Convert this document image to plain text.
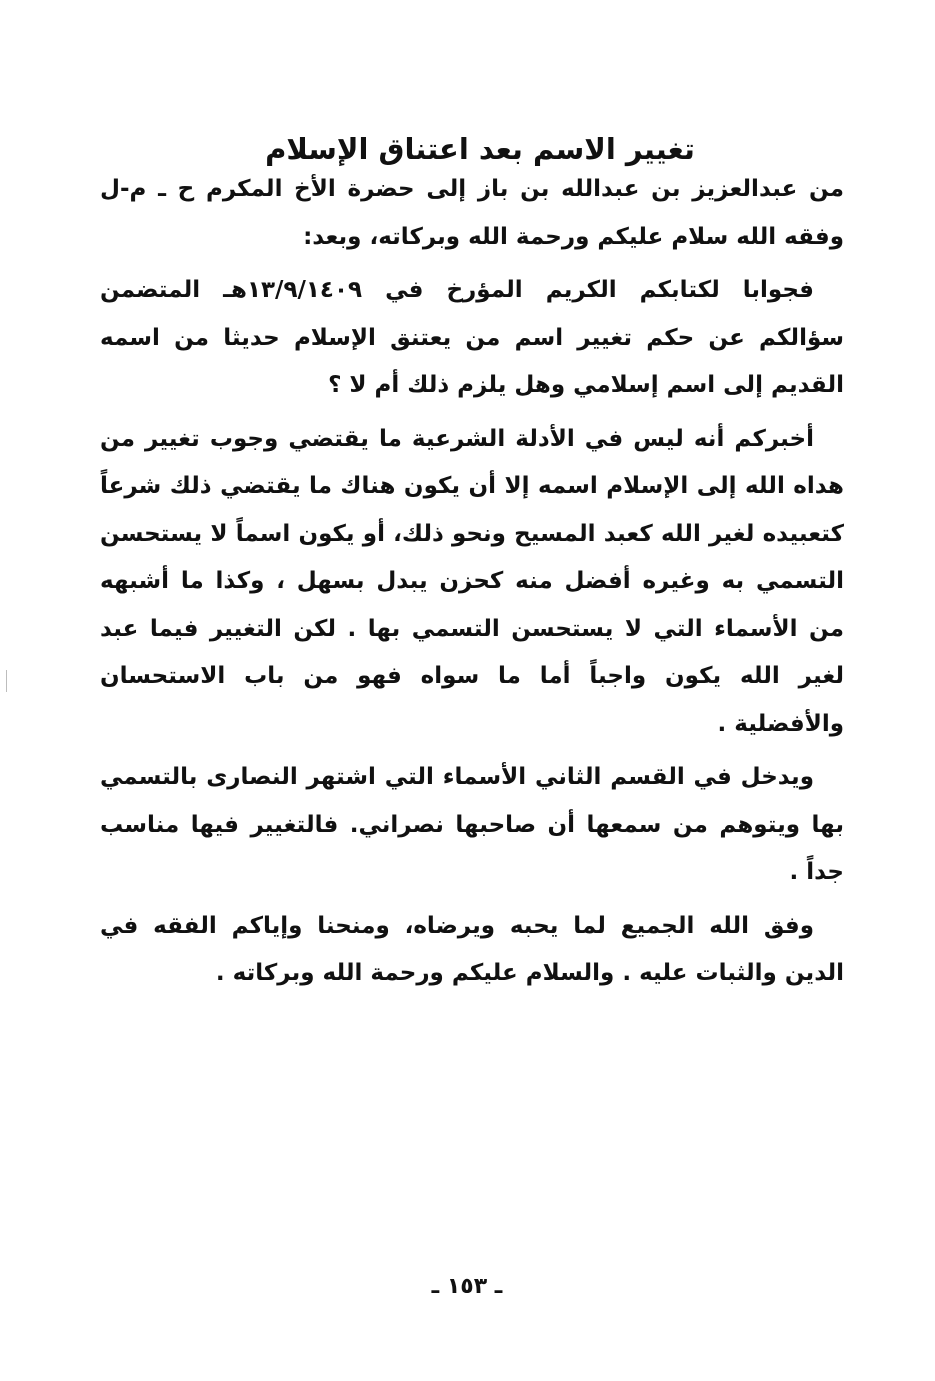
تغيير الاسم بعد اعتناق الإسلام

من عبدالعزيز بن عبدالله بن باز إلى حضرة الأخ المكرم ح ـ م-ل وفقه الله سلام عليكم ورحمة الله وبركاته، وبعد:

فجوابا لكتابكم الكريم المؤرخ في ١٣/٩/١٤٠٩هـ المتضمن سؤالكم عن حكم تغيير اسم من يعتنق الإسلام حديثا من اسمه القديم إلى اسم إسلامي وهل يلزم ذلك أم لا ؟

أخبركم أنه ليس في الأدلة الشرعية ما يقتضي وجوب تغيير من هداه الله إلى الإسلام اسمه إلا أن يكون هناك ما يقتضي ذلك شرعاً كتعبيده لغير الله كعبد المسيح ونحو ذلك، أو يكون اسماً لا يستحسن التسمي به وغيره أفضل منه كحزن يبدل بسهل ، وكذا ما أشبهه من الأسماء التي لا يستحسن التسمي بها . لكن التغيير فيما عبد لغير الله يكون واجباً أما ما سواه فهو من باب الاستحسان والأفضلية .

ويدخل في القسم الثاني الأسماء التي اشتهر النصارى بالتسمي بها ويتوهم من سمعها أن صاحبها نصراني. فالتغيير فيها مناسب جداً .

وفق الله الجميع لما يحبه ويرضاه، ومنحنا وإياكم الفقه في الدين والثبات عليه . والسلام عليكم ورحمة الله وبركاته .

ـ ١٥٣ ـ
